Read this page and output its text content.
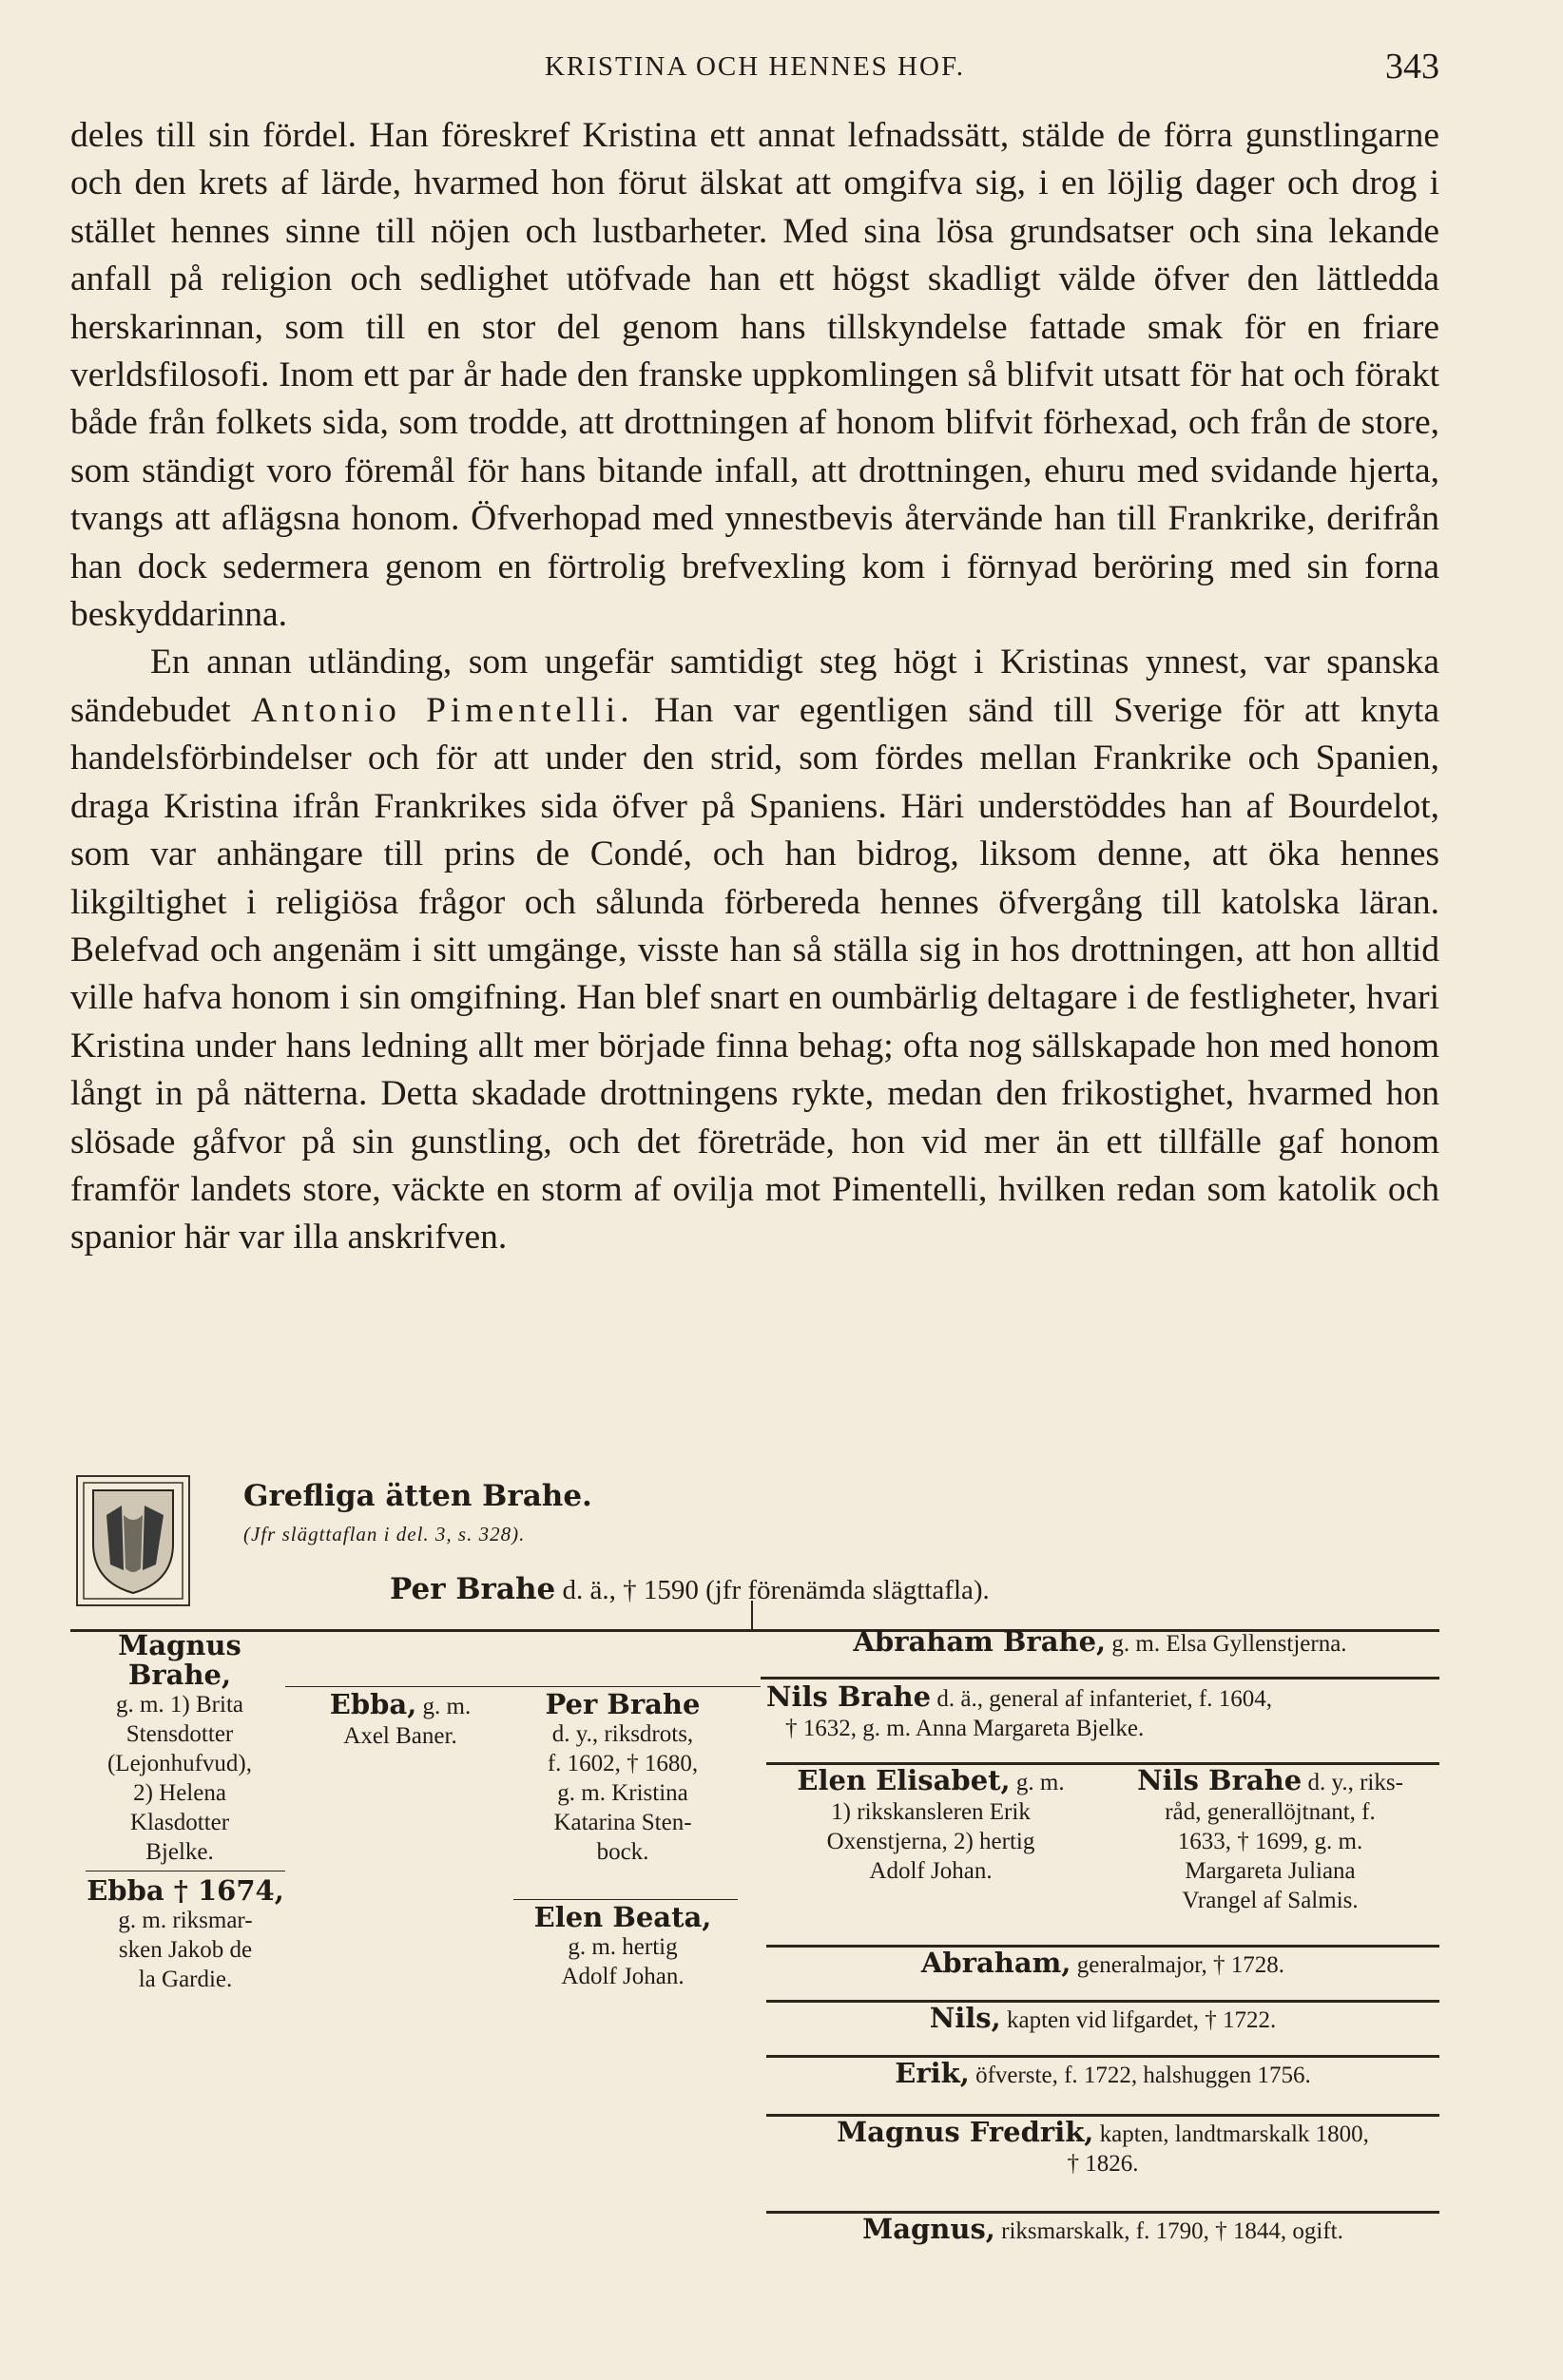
KRISTINA OCH HENNES HOF.	343

deles till sin fördel. Han föreskref Kristina ett annat lefnadssätt, stälde de förra gunstlingarne och den krets af lärde, hvarmed hon förut älskat att omgifva sig, i en löjlig dager och drog i stället hennes sinne till nöjen och lustbarheter. Med sina lösa grundsatser och sina lekande anfall på religion och sedlighet utöfvade han ett högst skadligt välde öfver den lättledda herskarinnan, som till en stor del genom hans tillskyndelse fattade smak för en friare verldsfilosofi. Inom ett par år hade den franske uppkomlingen så blifvit utsatt för hat och förakt både från folkets sida, som trodde, att drottningen af honom blifvit förhexad, och från de store, som ständigt voro föremål för hans bitande infall, att drottningen, ehuru med svidande hjerta, tvangs att aflägsna honom. Öfverhopad med ynnestbevis återvände han till Frankrike, derifrån han dock sedermera genom en förtrolig brefvexling kom i förnyad beröring med sin forna beskyddarinna.

En annan utländing, som ungefär samtidigt steg högt i Kristinas ynnest, var spanska sändebudet Antonio Pimentelli. Han var egentligen sänd till Sverige för att knyta handelsförbindelser och för att under den strid, som fördes mellan Frankrike och Spanien, draga Kristina ifrån Frankrikes sida öfver på Spaniens. Häri understöddes han af Bourdelot, som var anhängare till prins de Condé, och han bidrog, liksom denne, att öka hennes likgiltighet i religiösa frågor och sålunda förbereda hennes öfvergång till katolska läran. Belefvad och angenäm i sitt umgänge, visste han så ställa sig in hos drottningen, att hon alltid ville hafva honom i sin omgifning. Han blef snart en oumbärlig deltagare i de festligheter, hvari Kristina under hans ledning allt mer började finna behag; ofta nog sällskapade hon med honom långt in på nätterna. Detta skadade drottningens rykte, medan den frikostighet, hvarmed hon slösade gåfvor på sin gunstling, och det företräde, hon vid mer än ett tillfälle gaf honom framför landets store, väckte en storm af ovilja mot Pimentelli, hvilken redan som katolik och spanior här var illa anskrifven.

Grefliga ätten Brahe.
(Jfr slägttaflan i del. 3, s. 328).
Per Brahe d. ä., † 1590 (jfr förenämda slägttafla).
Magnus Brahe,
g. m. 1) Brita
Stensdotter
(Lejonhufvud),
2) Helena
Klasdotter
Bjelke.
Ebba † 1674,
g. m. riksmar-
sken Jakob de
la Gardie.
Ebba, g. m.
Axel Baner.
Per Brahe
d. y., riksdrots,
f. 1602, † 1680,
g. m. Kristina
Katarina Sten-
bock.
Elen Beata,
g. m. hertig
Adolf Johan.
Abraham Brahe, g. m. Elsa Gyllenstjerna.
Nils Brahe d. ä., general af infanteriet, f. 1604,
† 1632, g. m. Anna Margareta Bjelke.
Elen Elisabet, g. m.
1) rikskansleren Erik
Oxenstjerna, 2) hertig
Adolf Johan.
Nils Brahe d. y., riks-
råd, generallöjtnant, f.
1633, † 1699, g. m.
Margareta Juliana
Vrangel af Salmis.
Abraham, generalmajor, † 1728.
Nils, kapten vid lifgardet, † 1722.
Erik, öfverste, f. 1722, halshuggen 1756.
Magnus Fredrik, kapten, landtmarskalk 1800,
† 1826.
Magnus, riksmarskalk, f. 1790, † 1844, ogift.
